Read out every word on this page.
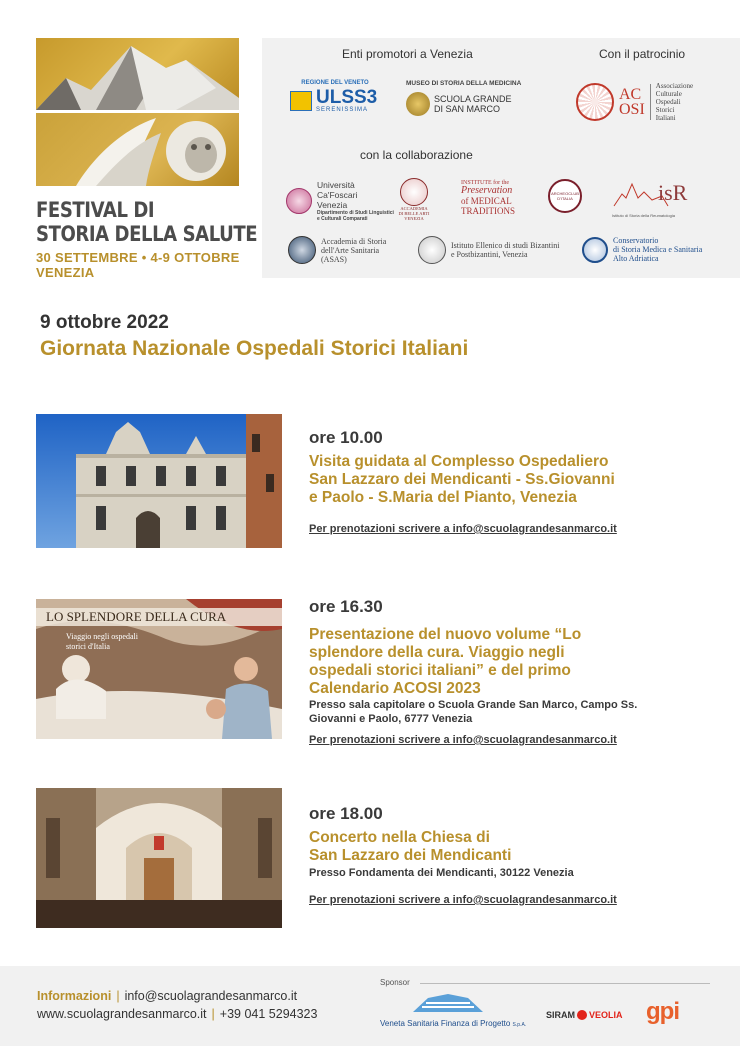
FESTIVAL DI
STORIA DELLA SALUTE
30 SETTEMBRE • 4-9 OTTOBRE
VENEZIA
Enti promotori a Venezia	Con il patrocinio
REGIONE DEL VENETO
ULSS3
SERENISSIMA
MUSEO DI STORIA DELLA MEDICINA
SCUOLA GRANDE
DI SAN MARCO
AC
OSI
Associazione
Culturale
Ospedali
Storici
Italiani
con la collaborazione
Università
Ca'Foscari
Venezia
Dipartimento di Studi Linguistici
e Culturali Comparati
ACCADEMIA
DI BELLE ARTI
VENEZIA
INSTITUTE for the
Preservation
of MEDICAL
TRADITIONS
ARCHEOCLUB D'ITALIA	isR
Istituto di Storia della Reumatologia
Accademia di Storia
dell'Arte Sanitaria
(ASAS)
Istituto Ellenico di studi Bizantini
e Postbizantini, Venezia
Conservatorio
di Storia Medica e Sanitaria
Alto Adriatica
9 ottobre 2022
Giornata Nazionale Ospedali Storici Italiani
ore 10.00
Visita guidata al Complesso Ospedaliero
San Lazzaro dei Mendicanti - Ss.Giovanni
e Paolo - S.Maria del Pianto, Venezia
Per prenotazioni scrivere a info@scuolagrandesanmarco.it
LO SPLENDORE DELLA CURA
Viaggio negli ospedali
storici d'Italia
ore 16.30
Presentazione del nuovo volume “Lo
splendore della cura. Viaggio negli
ospedali storici italiani” e del primo
Calendario ACOSI 2023
Presso sala capitolare o Scuola Grande San Marco, Campo Ss.
Giovanni e Paolo, 6777 Venezia
Per prenotazioni scrivere a info@scuolagrandesanmarco.it
ore 18.00
Concerto nella Chiesa di
San Lazzaro dei Mendicanti
Presso Fondamenta dei Mendicanti, 30122 Venezia
Per prenotazioni scrivere a info@scuolagrandesanmarco.it
Informazioni | info@scuolagrandesanmarco.it
www.scuolagrandesanmarco.it | +39 041 5294323
Sponsor
Veneta Sanitaria Finanza di Progetto S.p.A.
SIRAM VEOLIA gpi
